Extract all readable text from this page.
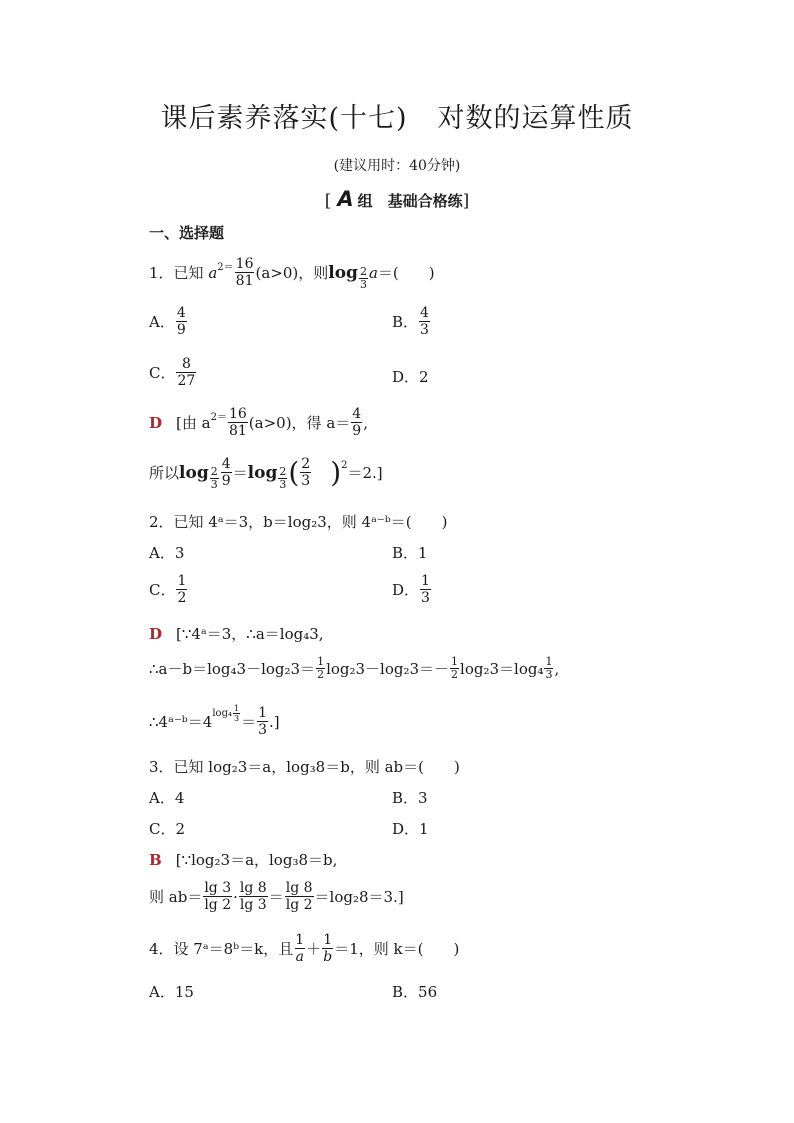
课后素养落实(十七) 对数的运算性质
(建议用时：40分钟)
[ A 组　基础合格练]
一、选择题
1．已知
a $2= \frac{16}{81} (a>0)$，则 $\log \frac{2}{3}$ a ＝(　　)
A． $\frac{4}{9}$	B． $\frac{4}{3}$
C． $\frac{8}{27}$	D． 2
D [由 a $2= \frac{16}{81} (a>0)$，得 $a= \frac{4}{9}$ ,
所以 $\log \frac{2}{3} \frac{4}{9} = \log \frac{2}{3}$ ( $\frac{2}{3}$ ) 2 ＝2.]
2．已知 4ᵃ＝3，b＝log₂3，则 4ᵃ⁻ᵇ＝(　　)
A．3	B．1
C． $\frac{1}{2}$	D． $\frac{1}{3}$
D [∵4ᵃ＝3，∴a＝log₄3,
∴a－b＝log₄3－log₂3＝ $\frac{1}{2} \log_23-\log_23=- \frac{1}{2} \log_23=\log_4 \frac{1}{3}$ ,
∴4ᵃ⁻ᵇ＝4 $\log_4 \frac{1}{3} = \frac{1}{3}$ .]
3．已知 log₂3＝a，log₃8＝b，则 ab＝(　　)
A．4	B．3
C．2	D．1
B [∵log₂3＝a，log₃8＝b,
则 $ab= \frac{\lg 3}{\lg 2} \cdot \frac{\lg 8}{\lg 3} = \frac{\lg 8}{\lg 2} =\log_28=3$.]
4．设 7ᵃ＝8ᵇ＝k，且 $\frac{1}{a} + \frac{1}{b} =1$，则 k＝(　　)
A．15	B．56
